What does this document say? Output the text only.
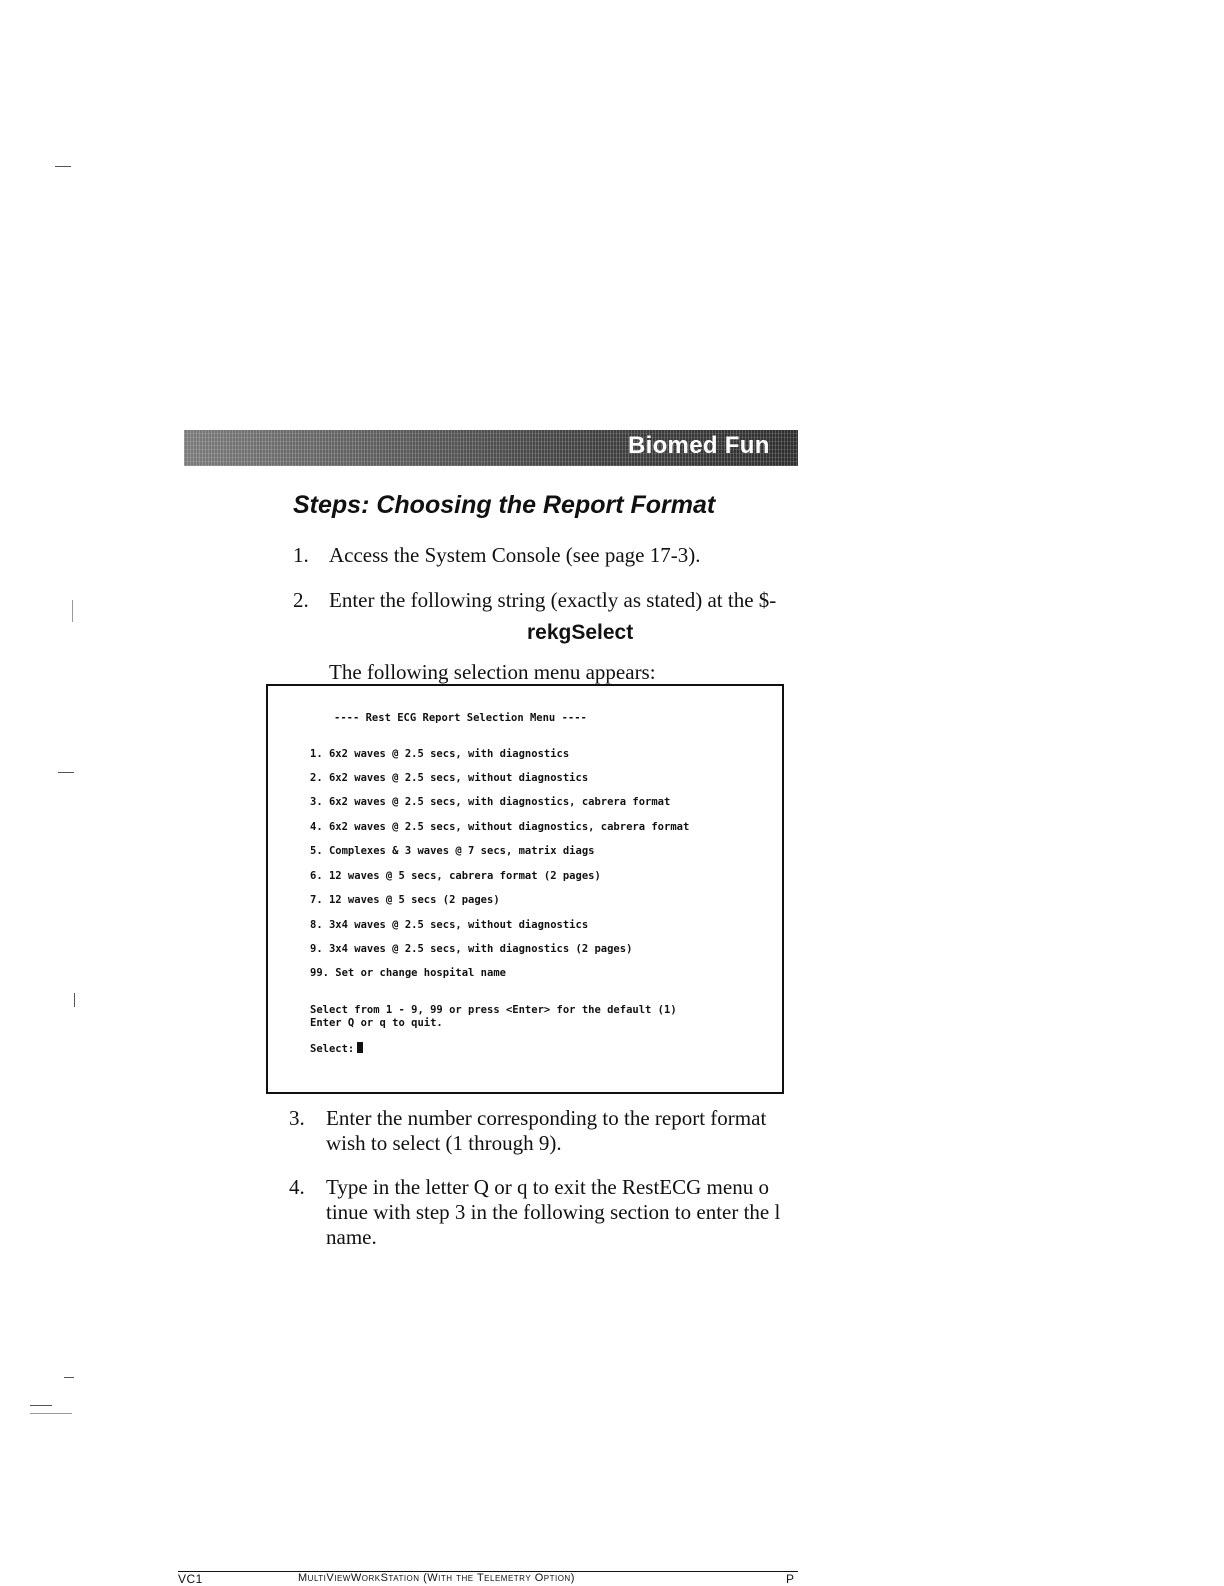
Biomed Fun
Steps: Choosing the Report Format
1. Access the System Console (see page 17-3).
2. Enter the following string (exactly as stated) at the $-
rekgSelect
The following selection menu appears:
---- Rest ECG Report Selection Menu ----
1. 6x2 waves @ 2.5 secs, with diagnostics
2. 6x2 waves @ 2.5 secs, without diagnostics
3. 6x2 waves @ 2.5 secs, with diagnostics, cabrera format
4. 6x2 waves @ 2.5 secs, without diagnostics, cabrera format
5. Complexes & 3 waves @ 7 secs, matrix diags
6. 12 waves @ 5 secs, cabrera format (2 pages)
7. 12 waves @ 5 secs (2 pages)
8. 3x4 waves @ 2.5 secs, without diagnostics
9. 3x4 waves @ 2.5 secs, with diagnostics (2 pages)
99. Set or change hospital name
Select from 1 - 9, 99 or press <Enter> for the default (1)
Enter Q or q to quit.
Select:
3. Enter the number corresponding to the report format
wish to select (1 through 9).
4. Type in the letter Q or q to exit the RestECG menu o
tinue with step 3 in the following section to enter the l
name.
VC1	MultiViewWorkStation (With the Telemetry Option)	P
